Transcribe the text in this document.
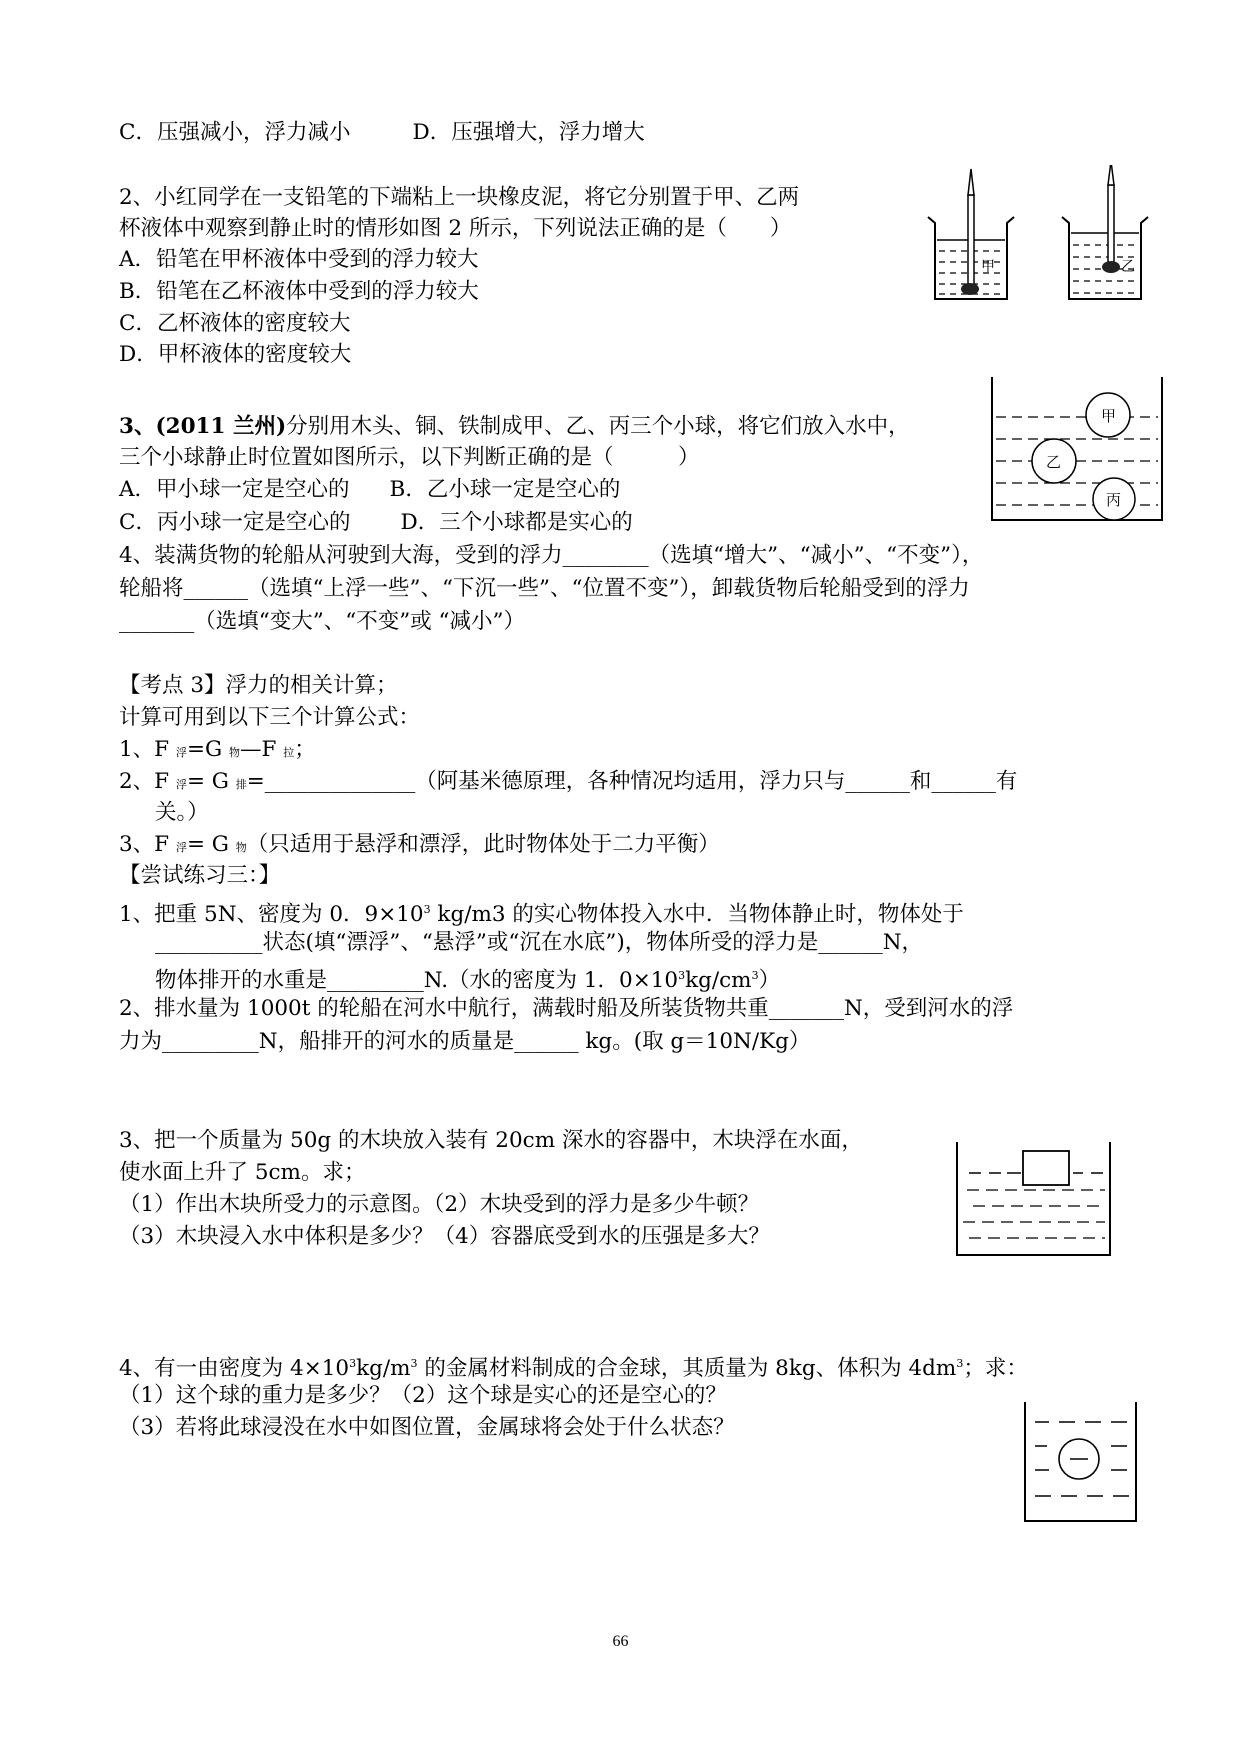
C．压强减小，浮力减小	D．压强增大，浮力增大
2、小红同学在一支铅笔的下端粘上一块橡皮泥，将它分别置于甲、乙两
杯液体中观察到静止时的情形如图 2 所示，下列说法正确的是（　　）
A．铅笔在甲杯液体中受到的浮力较大
B．铅笔在乙杯液体中受到的浮力较大
C．乙杯液体的密度较大
D．甲杯液体的密度较大
甲	乙
3、(2011 兰州)分别用木头、铜、铁制成甲、乙、丙三个小球，将它们放入水中，
三个小球静止时位置如图所示，以下判断正确的是（　　　）
A．甲小球一定是空心的 B．乙小球一定是空心的
C．丙小球一定是空心的 D．三个小球都是实心的
甲
乙
丙
4、装满货物的轮船从河驶到大海，受到的浮力________（选填“增大”、“减小”、“不变”），
轮船将______（选填“上浮一些”、“下沉一些”、“位置不变”），卸载货物后轮船受到的浮力
_______（选填“变大”、“不变”或 “减小”）
【考点 3】浮力的相关计算；
计算可用到以下三个计算公式：
1、F 浮=G 物—F 拉；
2、F 浮= G 排=______________（阿基米德原理，各种情况均适用，浮力只与______和______有
关。）
3、F 浮= G 物（只适用于悬浮和漂浮，此时物体处于二力平衡）
【尝试练习三：】
1、把重 5N、密度为 0．$9\times 10^3$ kg/m3 的实心物体投入水中．当物体静止时，物体处于
__________状态(填“漂浮”、“悬浮”或“沉在水底”)，物体所受的浮力是______N，
物体排开的水重是_________N.（水的密度为 1．$0\times 10^3kg/cm^3$）
2、排水量为 1000t 的轮船在河水中航行，满载时船及所装货物共重_______N，受到河水的浮
力为_________N，船排开的河水的质量是______ kg。(取 g＝10N/Kg）
3、把一个质量为 50g 的木块放入装有 20cm 深水的容器中，木块浮在水面，
使水面上升了 5cm。求；
（1）作出木块所受力的示意图。（2）木块受到的浮力是多少牛顿？
（3）木块浸入水中体积是多少？（4）容器底受到水的压强是多大？
4、有一由密度为 $4\times 10^3kg/m^3$ 的金属材料制成的合金球，其质量为 8kg、体积为 $4dm^3$；求：
（1）这个球的重力是多少？（2）这个球是实心的还是空心的？
（3）若将此球浸没在水中如图位置，金属球将会处于什么状态？
66
